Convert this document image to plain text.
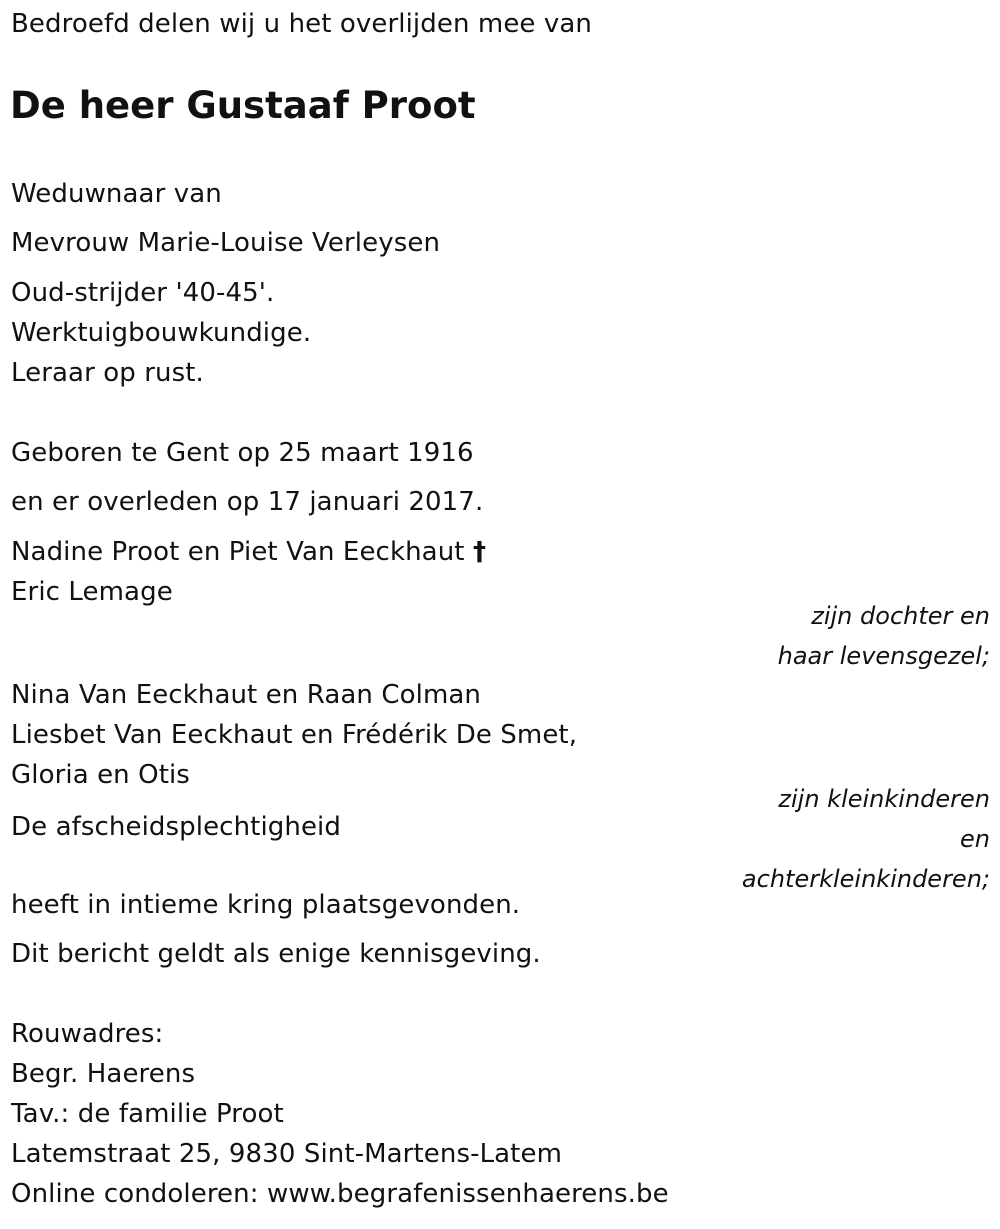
Bedroefd delen wij u het overlijden mee van
De heer Gustaaf Proot
Weduwnaar van
Mevrouw Marie-Louise Verleysen
Oud-strijder '40-45'.
Werktuigbouwkundige.
Leraar op rust.
Geboren te Gent op 25 maart 1916
en er overleden op 17 januari 2017.
Nadine Proot en Piet Van Eeckhaut †
Eric Lemage
zijn dochter en
haar levensgezel;
Nina Van Eeckhaut en Raan Colman
Liesbet Van Eeckhaut en Frédérik De Smet,
Gloria en Otis
zijn kleinkinderen
en
achterkleinkinderen;
De afscheidsplechtigheid
heeft in intieme kring plaatsgevonden.
Dit bericht geldt als enige kennisgeving.
Rouwadres:
Begr. Haerens
Tav.: de familie Proot
Latemstraat 25, 9830 Sint-Martens-Latem
Online condoleren: www.begrafenissenhaerens.be
